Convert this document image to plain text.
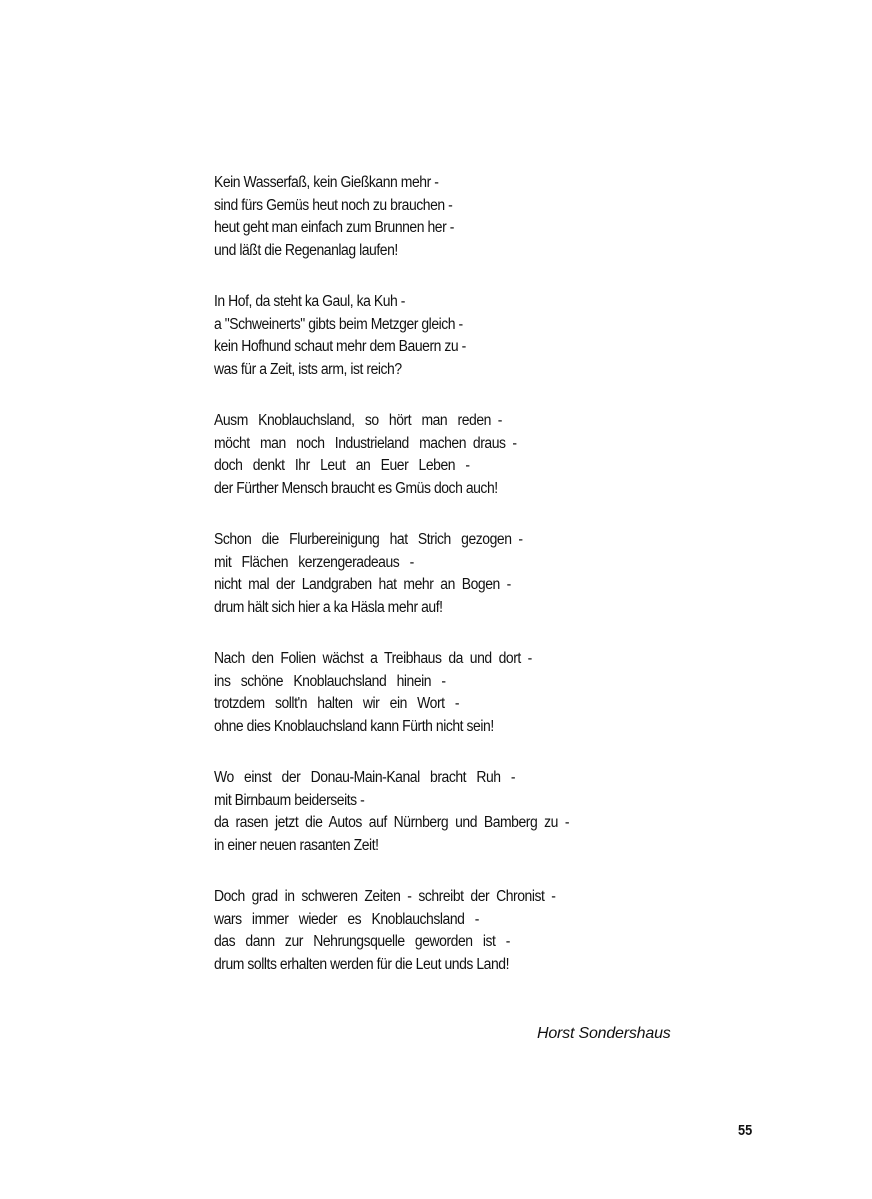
Kein Wasserfaß, kein Gießkann mehr -
sind fürs Gemüs heut noch zu brauchen -
heut geht man einfach zum Brunnen her -
und läßt die Regenanlag laufen!
In Hof, da steht ka Gaul, ka Kuh -
a "Schweinerts" gibts beim Metzger gleich -
kein Hofhund schaut mehr dem Bauern zu -
was für a Zeit, ists arm, ist reich?
Ausm   Knoblauchsland,   so   hört   man   reden  -
möcht   man   noch   Industrieland   machen  draus  -
doch   denkt   Ihr   Leut   an   Euer   Leben   -
der Fürther Mensch braucht es Gmüs doch auch!
Schon   die   Flurbereinigung   hat   Strich   gezogen  -
mit   Flächen   kerzengeradeaus   -
nicht  mal  der  Landgraben  hat  mehr  an  Bogen  -
drum hält sich hier a ka Häsla mehr auf!
Nach  den  Folien  wächst  a  Treibhaus  da  und  dort  -
ins   schöne   Knoblauchsland   hinein   -
trotzdem   sollt'n   halten   wir   ein   Wort   -
ohne dies Knoblauchsland kann Fürth nicht sein!
Wo   einst   der   Donau-Main-Kanal   bracht   Ruh   -
mit Birnbaum beiderseits -
da  rasen  jetzt  die  Autos  auf  Nürnberg  und  Bamberg  zu  -
in einer neuen rasanten Zeit!
Doch  grad  in  schweren  Zeiten  -  schreibt  der  Chronist  -
wars   immer   wieder   es   Knoblauchsland   -
das   dann   zur   Nehrungsquelle   geworden   ist   -
drum sollts erhalten werden für die Leut unds Land!
Horst Sondershaus
55
